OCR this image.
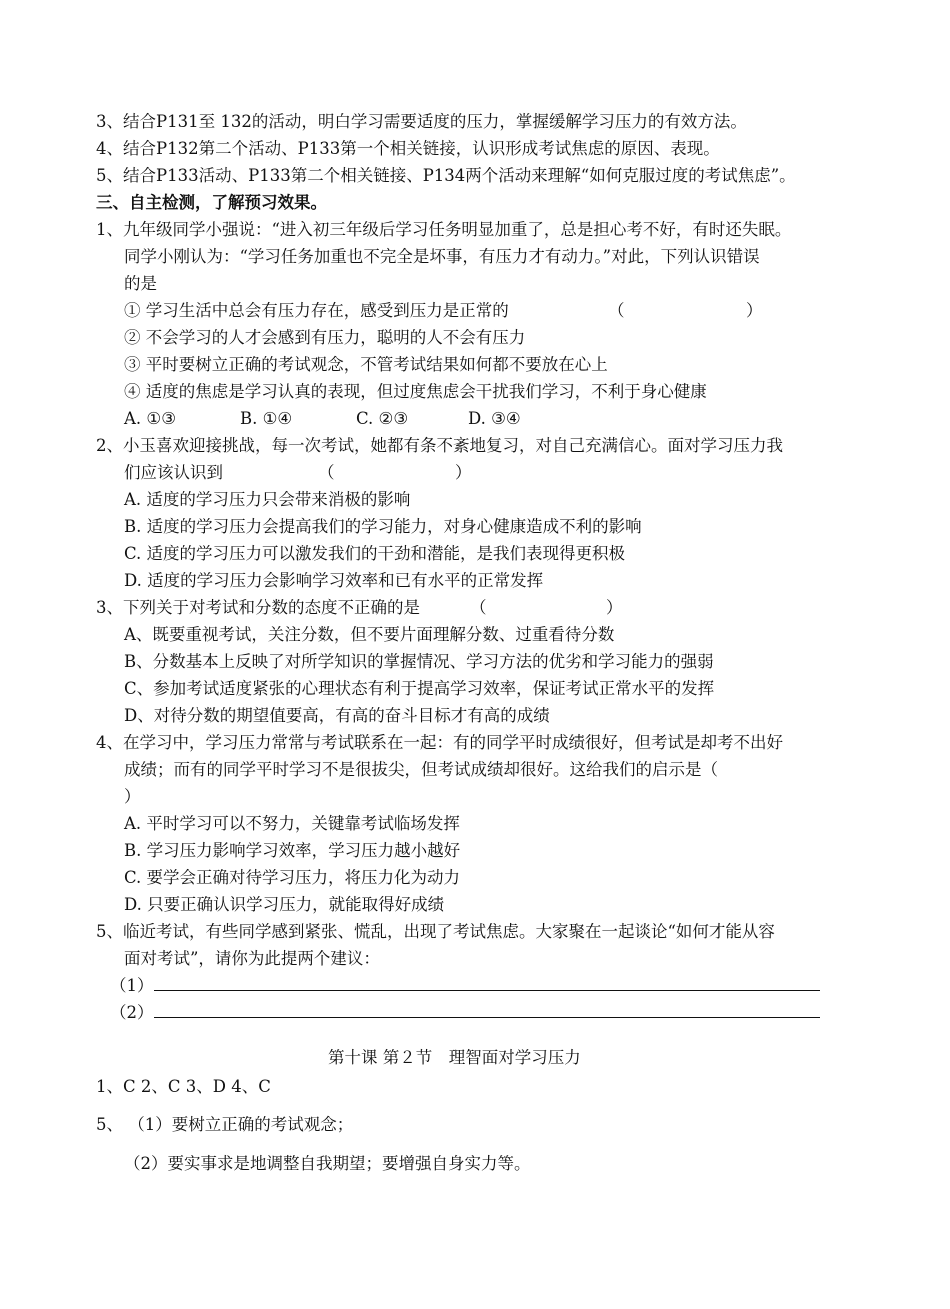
3、结合P131至 132的活动，明白学习需要适度的压力，掌握缓解学习压力的有效方法。
4、结合P132第二个活动、P133第一个相关链接，认识形成考试焦虑的原因、表现。
5、结合P133活动、P133第二个相关链接、P134两个活动来理解“如何克服过度的考试焦虑”。
三、自主检测，了解预习效果。
1、九年级同学小强说：“进入初三年级后学习任务明显加重了，总是担心考不好，有时还失眠。
同学小刚认为：“学习任务加重也不完全是坏事，有压力才有动力。”对此，下列认识错误
的是
① 学习生活中总会有压力存在，感受到压力是正常的	（	）
② 不会学习的人才会感到有压力，聪明的人不会有压力
③ 平时要树立正确的考试观念，不管考试结果如何都不要放在心上
④ 适度的焦虑是学习认真的表现，但过度焦虑会干扰我们学习，不利于身心健康
A. ①③	B. ①④	C. ②③	D. ③④
2、小玉喜欢迎接挑战，每一次考试，她都有条不紊地复习，对自己充满信心。面对学习压力我
们应该认识到	（	）
A. 适度的学习压力只会带来消极的影响
B. 适度的学习压力会提高我们的学习能力，对身心健康造成不利的影响
C. 适度的学习压力可以激发我们的干劲和潜能，是我们表现得更积极
D. 适度的学习压力会影响学习效率和已有水平的正常发挥
3、下列关于对考试和分数的态度不正确的是	（	）
A、既要重视考试，关注分数，但不要片面理解分数、过重看待分数
B、分数基本上反映了对所学知识的掌握情况、学习方法的优劣和学习能力的强弱
C、参加考试适度紧张的心理状态有利于提高学习效率，保证考试正常水平的发挥
D、对待分数的期望值要高，有高的奋斗目标才有高的成绩
4、在学习中，学习压力常常与考试联系在一起：有的同学平时成绩很好，但考试是却考不出好
成绩；而有的同学平时学习不是很拔尖，但考试成绩却很好。这给我们的启示是（
）
A. 平时学习可以不努力，关键靠考试临场发挥
B. 学习压力影响学习效率，学习压力越小越好
C. 要学会正确对待学习压力，将压力化为动力
D. 只要正确认识学习压力，就能取得好成绩
5、临近考试，有些同学感到紧张、慌乱，出现了考试焦虑。大家聚在一起谈论“如何才能从容
面对考试”，请你为此提两个建议：
（1）
（2）
第十课 第２节　理智面对学习压力
1、C 2、C 3、D 4、C
5、 （1）要树立正确的考试观念；
（2）要实事求是地调整自我期望；要增强自身实力等。
